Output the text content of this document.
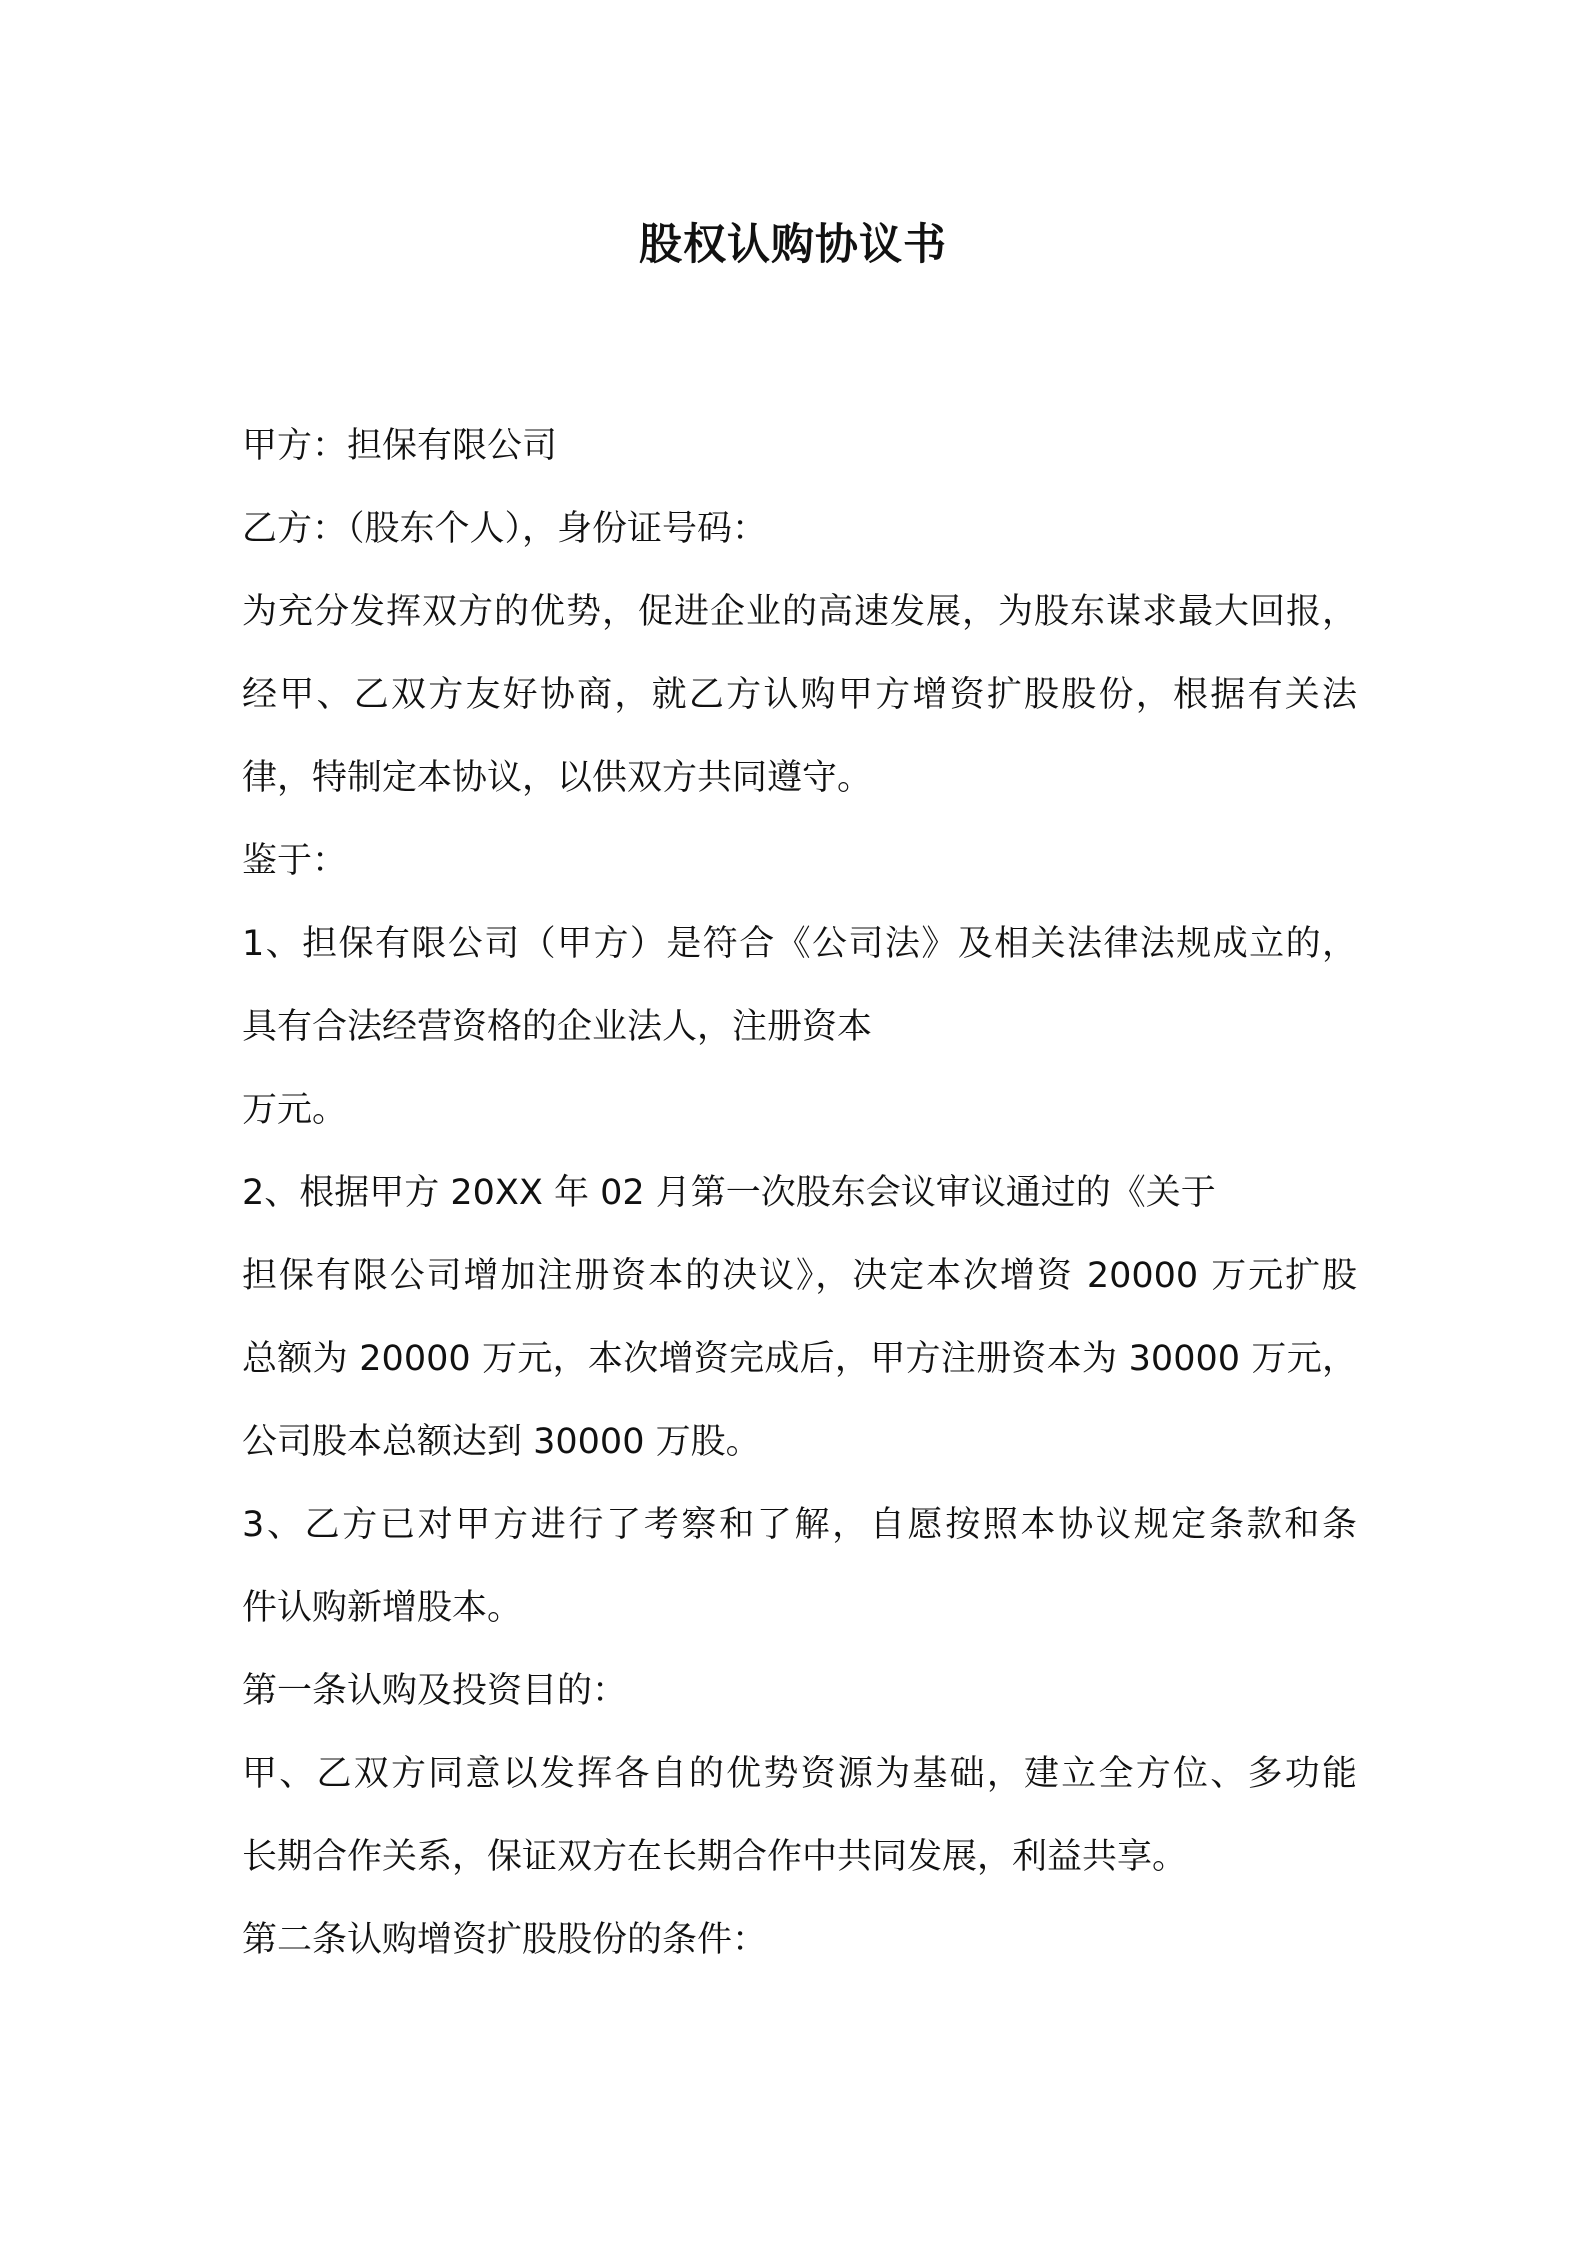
股权认购协议书
甲方：担保有限公司
乙方：（股东个人），身份证号码：
为充分发挥双方的优势，促进企业的高速发展，为股东谋求最大回报，
经甲、乙双方友好协商，就乙方认购甲方增资扩股股份，根据有关法
律，特制定本协议，以供双方共同遵守。
鉴于：
1、担保有限公司（甲方）是符合《公司法》及相关法律法规成立的，
具有合法经营资格的企业法人，注册资本
万元。
2、根据甲方 20XX 年 02 月第一次股东会议审议通过的《关于
担保有限公司增加注册资本的决议》，决定本次增资 20000 万元扩股
总额为 20000 万元，本次增资完成后，甲方注册资本为 30000 万元，
公司股本总额达到 30000 万股。
3、乙方已对甲方进行了考察和了解，自愿按照本协议规定条款和条
件认购新增股本。
第一条认购及投资目的：
甲、乙双方同意以发挥各自的优势资源为基础，建立全方位、多功能
长期合作关系，保证双方在长期合作中共同发展，利益共享。
第二条认购增资扩股股份的条件：
